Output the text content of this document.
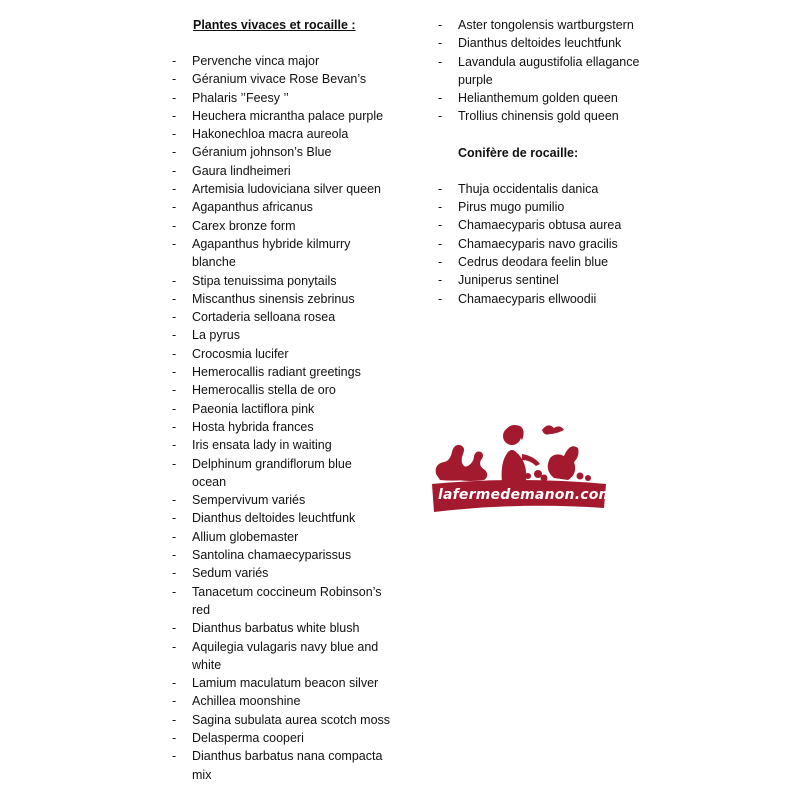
Plantes vivaces et rocaille :
- Pervenche vinca major
- Géranium vivace Rose Bevan’s
- Phalaris ’’Feesy ’’
- Heuchera micrantha palace purple
- Hakonechloa macra aureola
- Géranium johnson’s Blue
- Gaura lindheimeri
- Artemisia ludoviciana silver queen
- Agapanthus africanus
- Carex bronze form
- Agapanthus hybride kilmurry
blanche
- Stipa tenuissima ponytails
- Miscanthus sinensis zebrinus
- Cortaderia selloana rosea
- La pyrus
- Crocosmia lucifer
- Hemerocallis radiant greetings
- Hemerocallis stella de oro
- Paeonia lactiflora pink
- Hosta hybrida frances
- Iris ensata lady in waiting
- Delphinum grandiflorum blue
ocean
- Sempervivum variés
- Dianthus deltoides leuchtfunk
- Allium globemaster
- Santolina chamaecyparissus
- Sedum variés
- Tanacetum coccineum Robinson’s
red
- Dianthus barbatus white blush
- Aquilegia vulagaris navy blue and
white
- Lamium maculatum beacon silver
- Achillea moonshine
- Sagina subulata aurea scotch moss
- Delasperma cooperi
- Dianthus barbatus nana compacta
mix
- Aster tongolensis wartburgstern
- Dianthus deltoides leuchtfunk
- Lavandula augustifolia ellagance
purple
- Helianthemum golden queen
- Trollius chinensis gold queen
Conifère de rocaille:
- Thuja occidentalis danica
- Pirus mugo pumilio
- Chamaecyparis obtusa aurea
- Chamaecyparis navo gracilis
- Cedrus deodara feelin blue
- Juniperus sentinel
- Chamaecyparis ellwoodii
lafermedemanon.com
